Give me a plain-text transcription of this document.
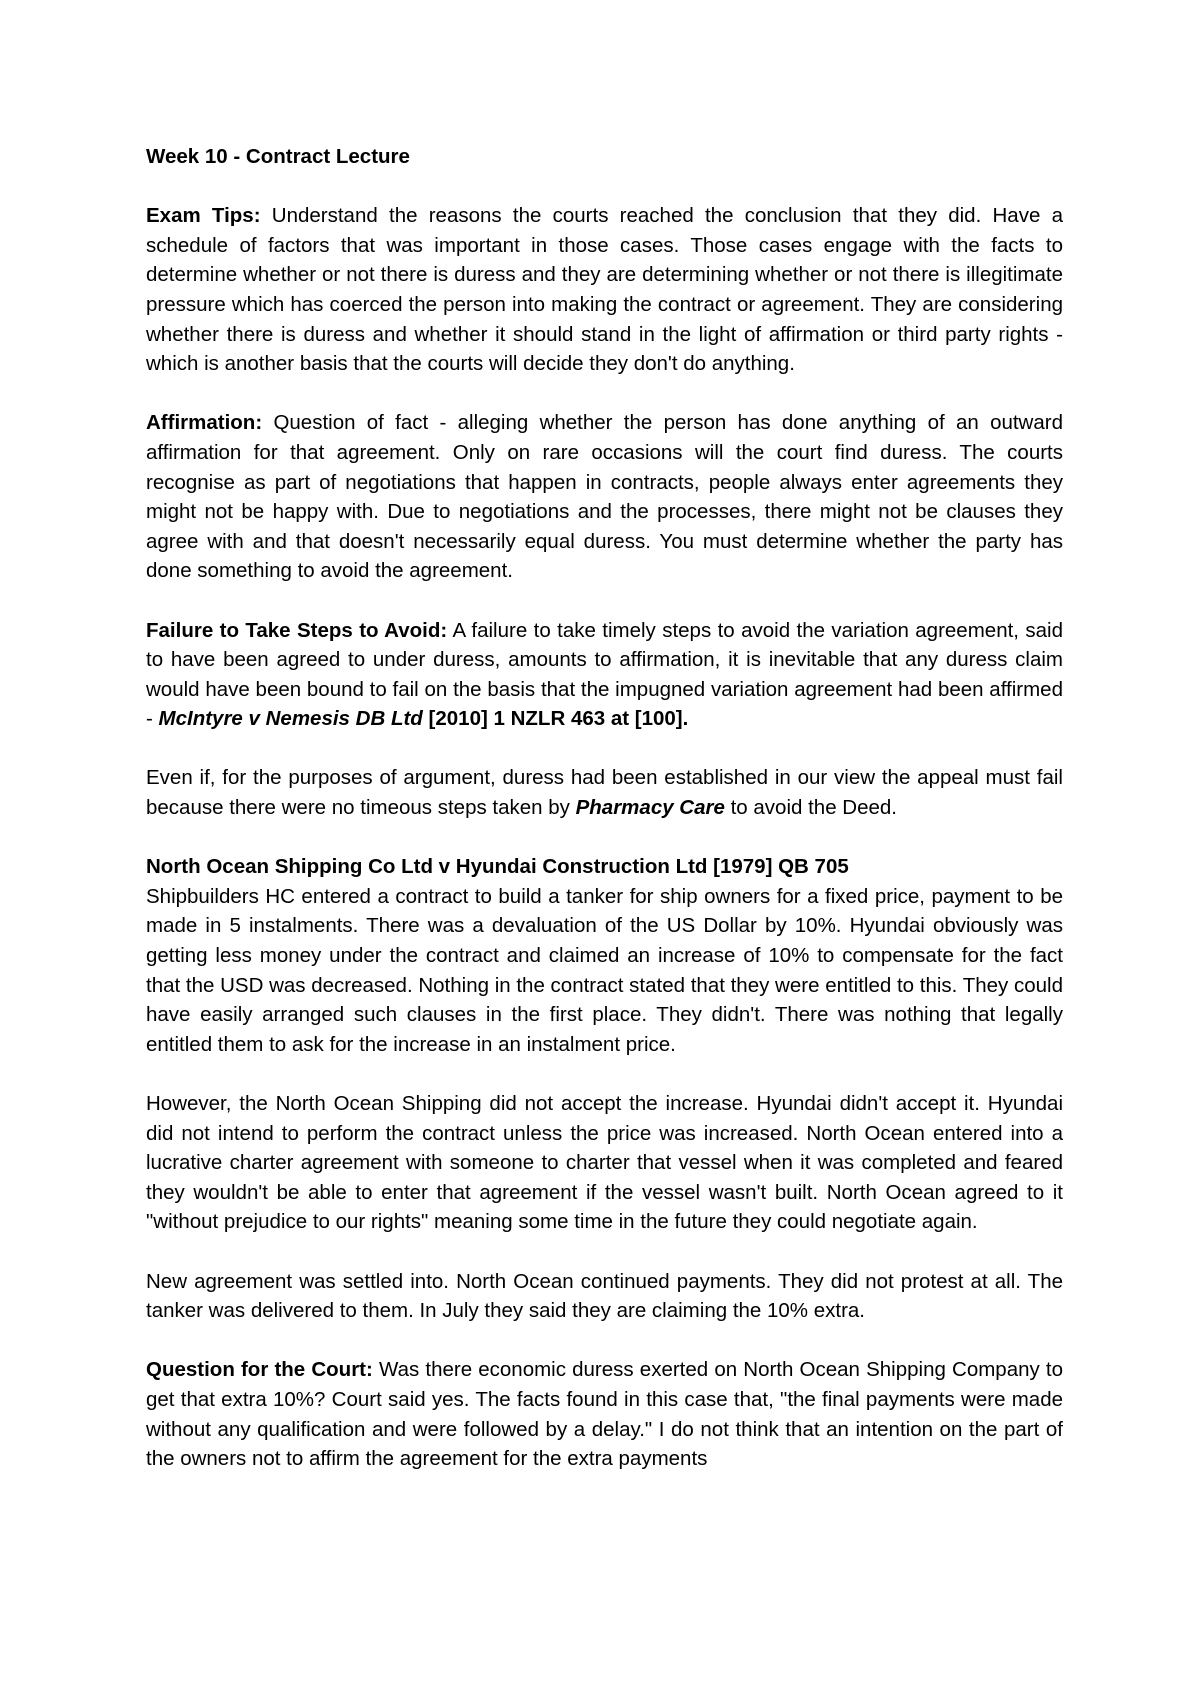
Week 10 - Contract Lecture

Exam Tips: Understand the reasons the courts reached the conclusion that they did. Have a schedule of factors that was important in those cases. Those cases engage with the facts to determine whether or not there is duress and they are determining whether or not there is illegitimate pressure which has coerced the person into making the contract or agreement. They are considering whether there is duress and whether it should stand in the light of affirmation or third party rights - which is another basis that the courts will decide they don't do anything.

Affirmation: Question of fact - alleging whether the person has done anything of an outward affirmation for that agreement. Only on rare occasions will the court find duress. The courts recognise as part of negotiations that happen in contracts, people always enter agreements they might not be happy with. Due to negotiations and the processes, there might not be clauses they agree with and that doesn't necessarily equal duress. You must determine whether the party has done something to avoid the agreement.

Failure to Take Steps to Avoid: A failure to take timely steps to avoid the variation agreement, said to have been agreed to under duress, amounts to affirmation, it is inevitable that any duress claim would have been bound to fail on the basis that the impugned variation agreement had been affirmed - McIntyre v Nemesis DB Ltd [2010] 1 NZLR 463 at [100].

Even if, for the purposes of argument, duress had been established in our view the appeal must fail because there were no timeous steps taken by Pharmacy Care to avoid the Deed.

North Ocean Shipping Co Ltd v Hyundai Construction Ltd [1979] QB 705

Shipbuilders HC entered a contract to build a tanker for ship owners for a fixed price, payment to be made in 5 instalments. There was a devaluation of the US Dollar by 10%. Hyundai obviously was getting less money under the contract and claimed an increase of 10% to compensate for the fact that the USD was decreased. Nothing in the contract stated that they were entitled to this. They could have easily arranged such clauses in the first place. They didn't. There was nothing that legally entitled them to ask for the increase in an instalment price.

However, the North Ocean Shipping did not accept the increase. Hyundai didn't accept it. Hyundai did not intend to perform the contract unless the price was increased. North Ocean entered into a lucrative charter agreement with someone to charter that vessel when it was completed and feared they wouldn't be able to enter that agreement if the vessel wasn't built. North Ocean agreed to it "without prejudice to our rights" meaning some time in the future they could negotiate again.

New agreement was settled into. North Ocean continued payments. They did not protest at all. The tanker was delivered to them. In July they said they are claiming the 10% extra.

Question for the Court: Was there economic duress exerted on North Ocean Shipping Company to get that extra 10%? Court said yes. The facts found in this case that, "the final payments were made without any qualification and were followed by a delay." I do not think that an intention on the part of the owners not to affirm the agreement for the extra payments
